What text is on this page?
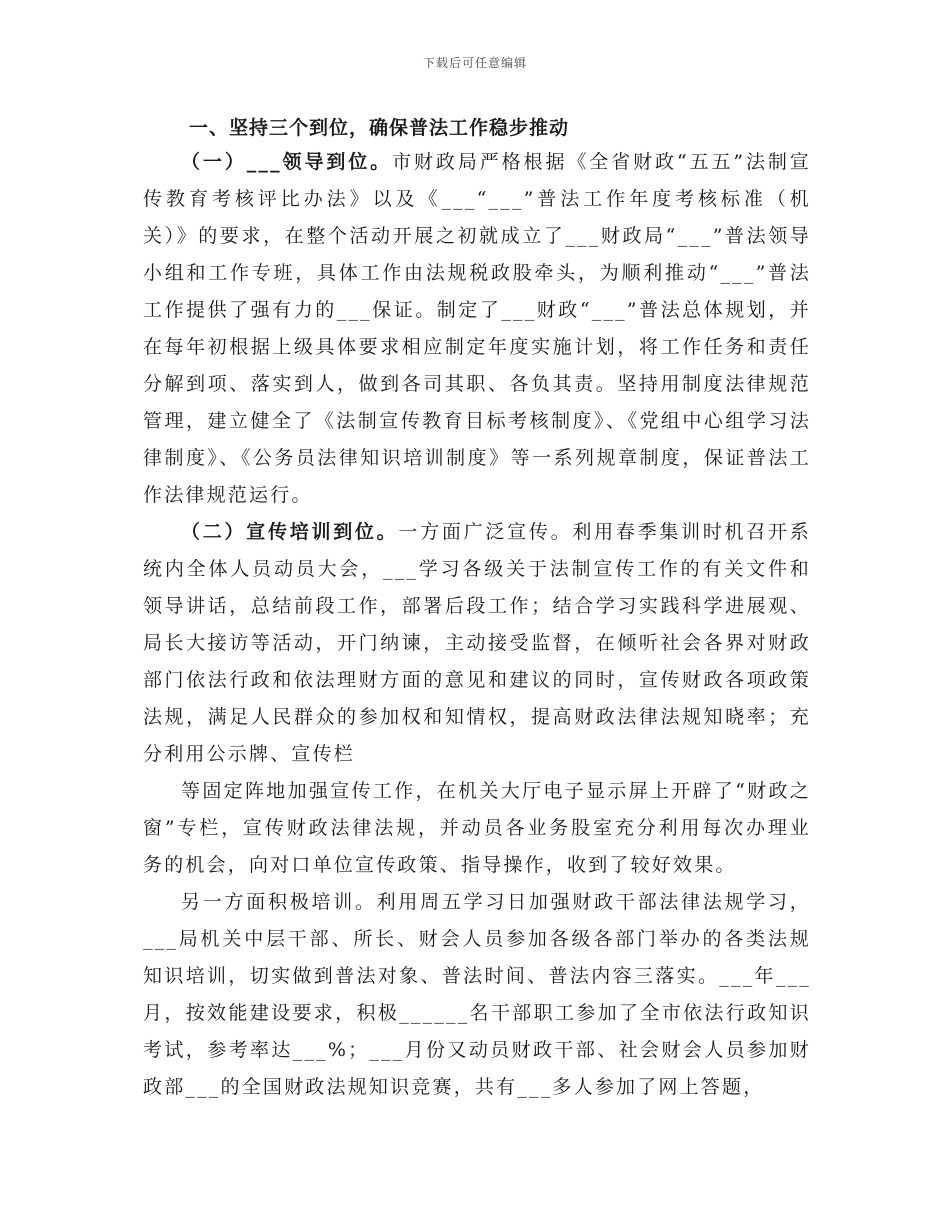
下载后可任意编辑
一、坚持三个到位，确保普法工作稳步推动

（一）___领导到位。市财政局严格根据《全省财政“五五”法制宣传教育考核评比办法》以及《___“___”普法工作年度考核标准（机关）》的要求，在整个活动开展之初就成立了___财政局“___”普法领导小组和工作专班，具体工作由法规税政股牵头，为顺利推动“___”普法工作提供了强有力的___保证。制定了___财政“___”普法总体规划，并在每年初根据上级具体要求相应制定年度实施计划，将工作任务和责任分解到项、落实到人，做到各司其职、各负其责。坚持用制度法律规范管理，建立健全了《法制宣传教育目标考核制度》、《党组中心组学习法律制度》、《公务员法律知识培训制度》等一系列规章制度，保证普法工作法律规范运行。

（二）宣传培训到位。一方面广泛宣传。利用春季集训时机召开系统内全体人员动员大会，___学习各级关于法制宣传工作的有关文件和领导讲话，总结前段工作，部署后段工作；结合学习实践科学进展观、局长大接访等活动，开门纳谏，主动接受监督，在倾听社会各界对财政部门依法行政和依法理财方面的意见和建议的同时，宣传财政各项政策法规，满足人民群众的参加权和知情权，提高财政法律法规知晓率；充分利用公示牌、宣传栏

等固定阵地加强宣传工作，在机关大厅电子显示屏上开辟了“财政之窗”专栏，宣传财政法律法规，并动员各业务股室充分利用每次办理业务的机会，向对口单位宣传政策、指导操作，收到了较好效果。

另一方面积极培训。利用周五学习日加强财政干部法律法规学习，___局机关中层干部、所长、财会人员参加各级各部门举办的各类法规知识培训，切实做到普法对象、普法时间、普法内容三落实。___年___月，按效能建设要求，积极______名干部职工参加了全市依法行政知识考试，参考率达___%；___月份又动员财政干部、社会财会人员参加财政部___的全国财政法规知识竞赛，共有___多人参加了网上答题，
